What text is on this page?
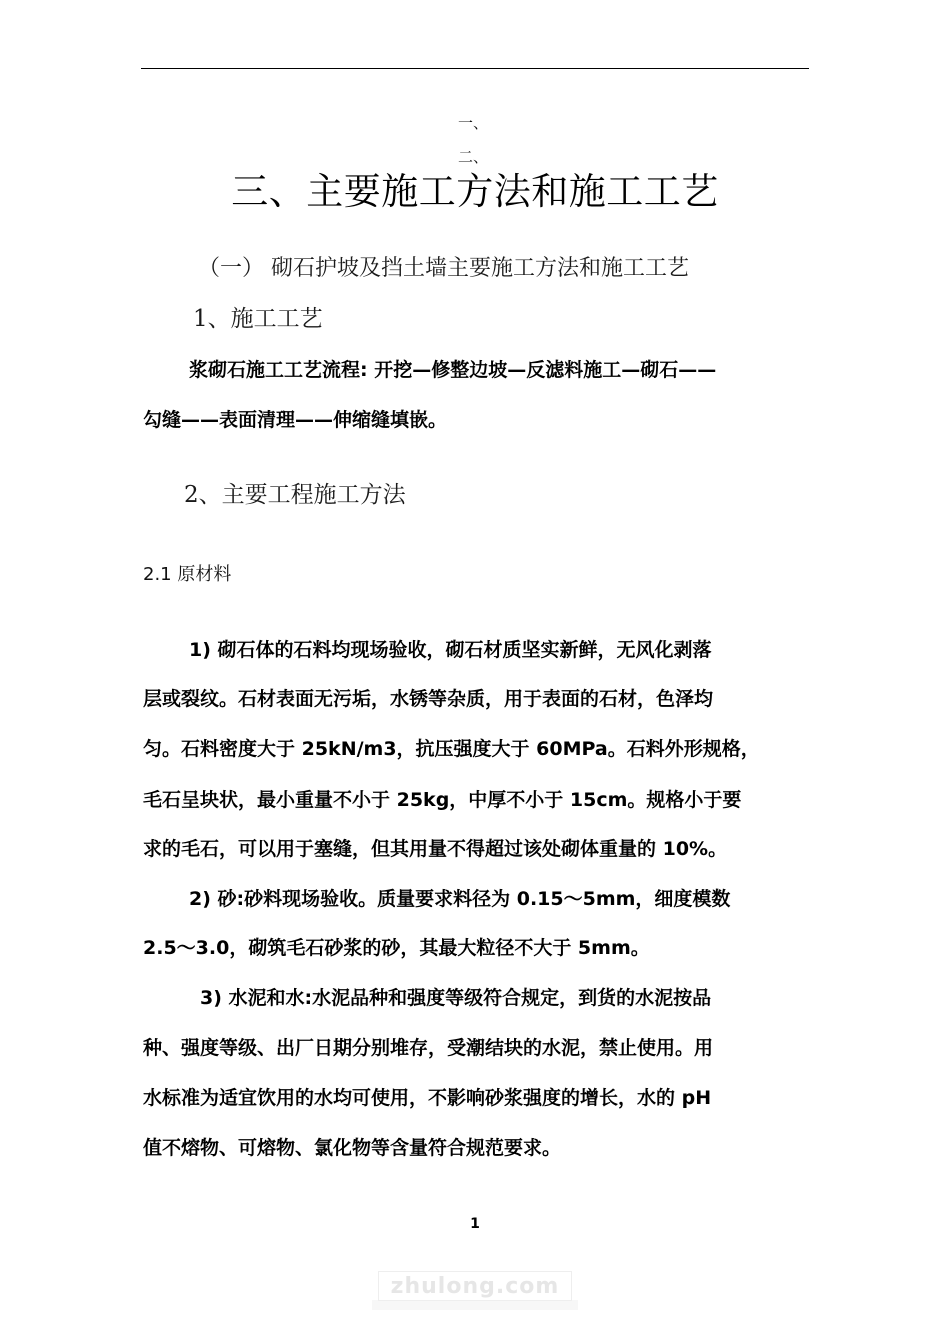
一、
二、
三、主要施工方法和施工工艺
（一） 砌石护坡及挡土墙主要施工方法和施工工艺
1、施工工艺
浆砌石施工工艺流程: 开挖—修整边坡—反滤料施工—砌石——
勾缝——表面清理——伸缩缝填嵌。
2、主要工程施工方法
2.1 原材料
1) 砌石体的石料均现场验收，砌石材质坚实新鲜，无风化剥落
层或裂纹。石材表面无污垢，水锈等杂质，用于表面的石材，色泽均
匀。石料密度大于 25kN/m3，抗压强度大于 60MPa。石料外形规格，
毛石呈块状，最小重量不小于 25kg，中厚不小于 15cm。规格小于要
求的毛石，可以用于塞缝，但其用量不得超过该处砌体重量的 10%。
2) 砂:砂料现场验收。质量要求料径为 0.15～5mm，细度模数
2.5～3.0，砌筑毛石砂浆的砂，其最大粒径不大于 5mm。
3) 水泥和水:水泥品种和强度等级符合规定，到货的水泥按品
种、强度等级、出厂日期分别堆存，受潮结块的水泥，禁止使用。用
水标准为适宜饮用的水均可使用，不影响砂浆强度的增长，水的 pH
值不熔物、可熔物、氯化物等含量符合规范要求。
1
zhulong.com
